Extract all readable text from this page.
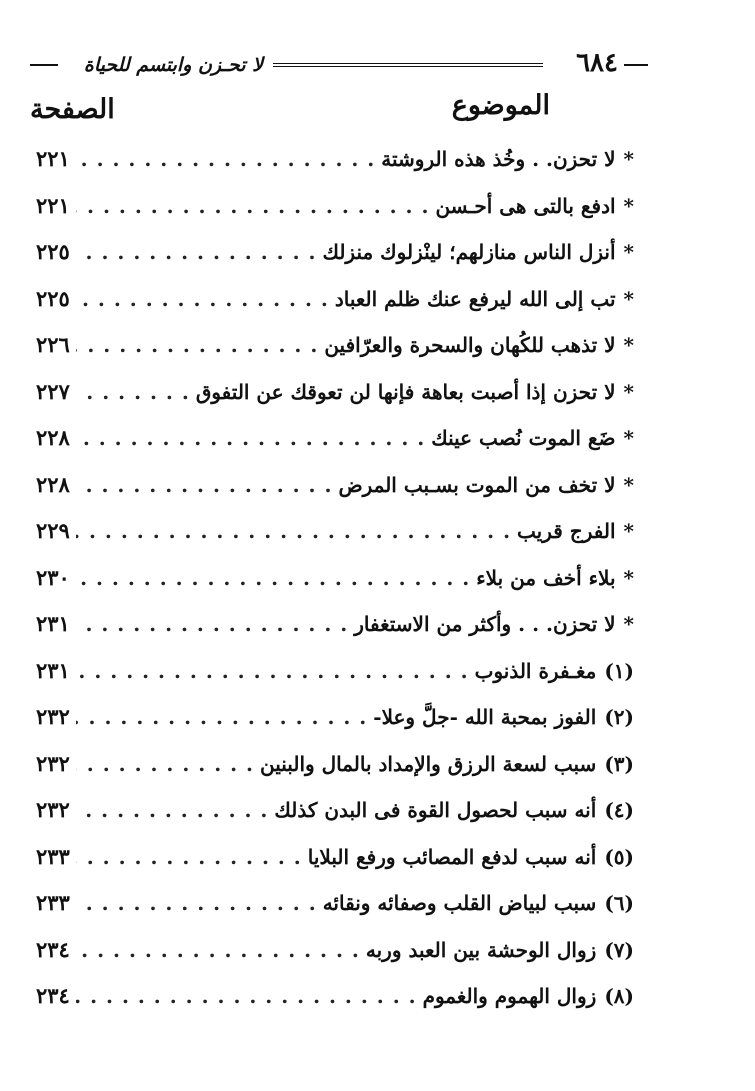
٦٨٤
لا تحـزن وابتسم للحياة
الموضوع
الصفحة
*
لا تحزن. . وخُذ هذه الروشتة
. . .
٢٢١
*
ادفع بالتى هى أحـسن
. . .
٢٢١
*
أنزل الناس منازلهم؛ لينْزلوك منزلك
. . .
٢٢٥
*
تب إلى الله ليرفع عنك ظلم العباد
. . .
٢٢٥
*
لا تذهب للكُهان والسحرة والعرّافين
. . .
٢٢٦
*
لا تحزن إذا أصبت بعاهة فإنها لن تعوقك عن التفوق
. . .
٢٢٧
*
ضَع الموت نُصب عينك
. . .
٢٢٨
*
لا تخف من الموت بسـبب المرض
. . .
٢٢٨
*
الفرج قريب
. . .
٢٢٩
*
بلاء أخف من بلاء
. . .
٢٣٠
*
لا تحزن. . . وأكثر من الاستغفار
. . .
٢٣١
(١)
مغـفرة الذنوب
. . .
٢٣١
(٢)
الفوز بمحبة الله -جلَّ وعلا-
. . .
٢٣٢
(٣)
سبب لسعة الرزق والإمداد بالمال والبنين
. . .
٢٣٢
(٤)
أنه سبب لحصول القوة فى البدن كذلك
. . .
٢٣٢
(٥)
أنه سبب لدفع المصائب ورفع البلايا
. . .
٢٣٣
(٦)
سبب لبياض القلب وصفائه ونقائه
. . .
٢٣٣
(٧)
زوال الوحشة بين العبد وربه
. . .
٢٣٤
(٨)
زوال الهموم والغموم
. . .
٢٣٤
